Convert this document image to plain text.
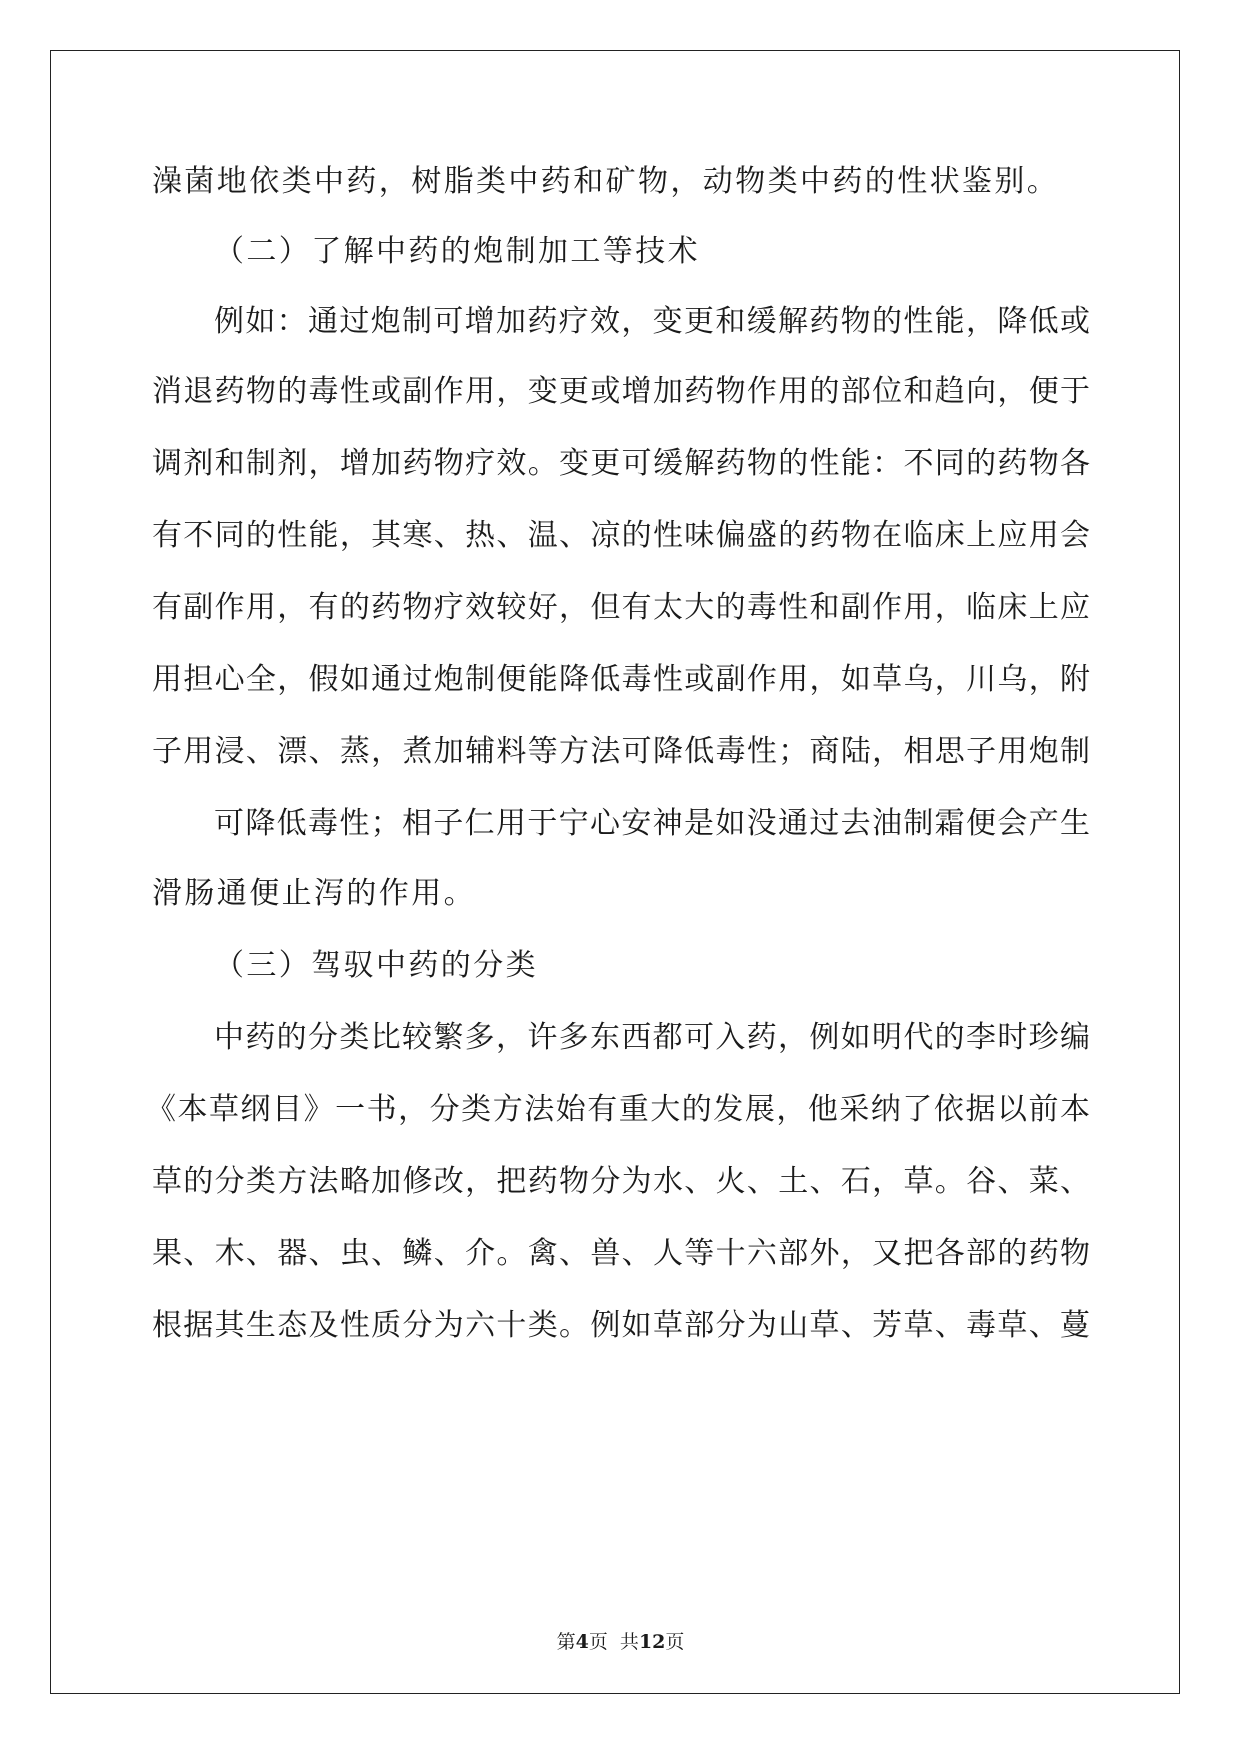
澡菌地依类中药，树脂类中药和矿物，动物类中药的性状鉴别。
（二）了解中药的炮制加工等技术
例如：通过炮制可增加药疗效，变更和缓解药物的性能，降低或
消退药物的毒性或副作用，变更或增加药物作用的部位和趋向，便于
调剂和制剂，增加药物疗效。变更可缓解药物的性能：不同的药物各
有不同的性能，其寒、热、温、凉的性味偏盛的药物在临床上应用会
有副作用，有的药物疗效较好，但有太大的毒性和副作用，临床上应
用担心全，假如通过炮制便能降低毒性或副作用，如草乌，川乌，附
子用浸、漂、蒸，煮加辅料等方法可降低毒性；商陆，相思子用炮制
可降低毒性；相子仁用于宁心安神是如没通过去油制霜便会产生
滑肠通便止泻的作用。
（三）驾驭中药的分类
中药的分类比较繁多，许多东西都可入药，例如明代的李时珍编
《本草纲目》一书，分类方法始有重大的发展，他采纳了依据以前本
草的分类方法略加修改，把药物分为水、火、土、石，草。谷、菜、
果、木、器、虫、鳞、介。禽、兽、人等十六部外，又把各部的药物
根据其生态及性质分为六十类。例如草部分为山草、芳草、毒草、蔓
第4页  共12页
